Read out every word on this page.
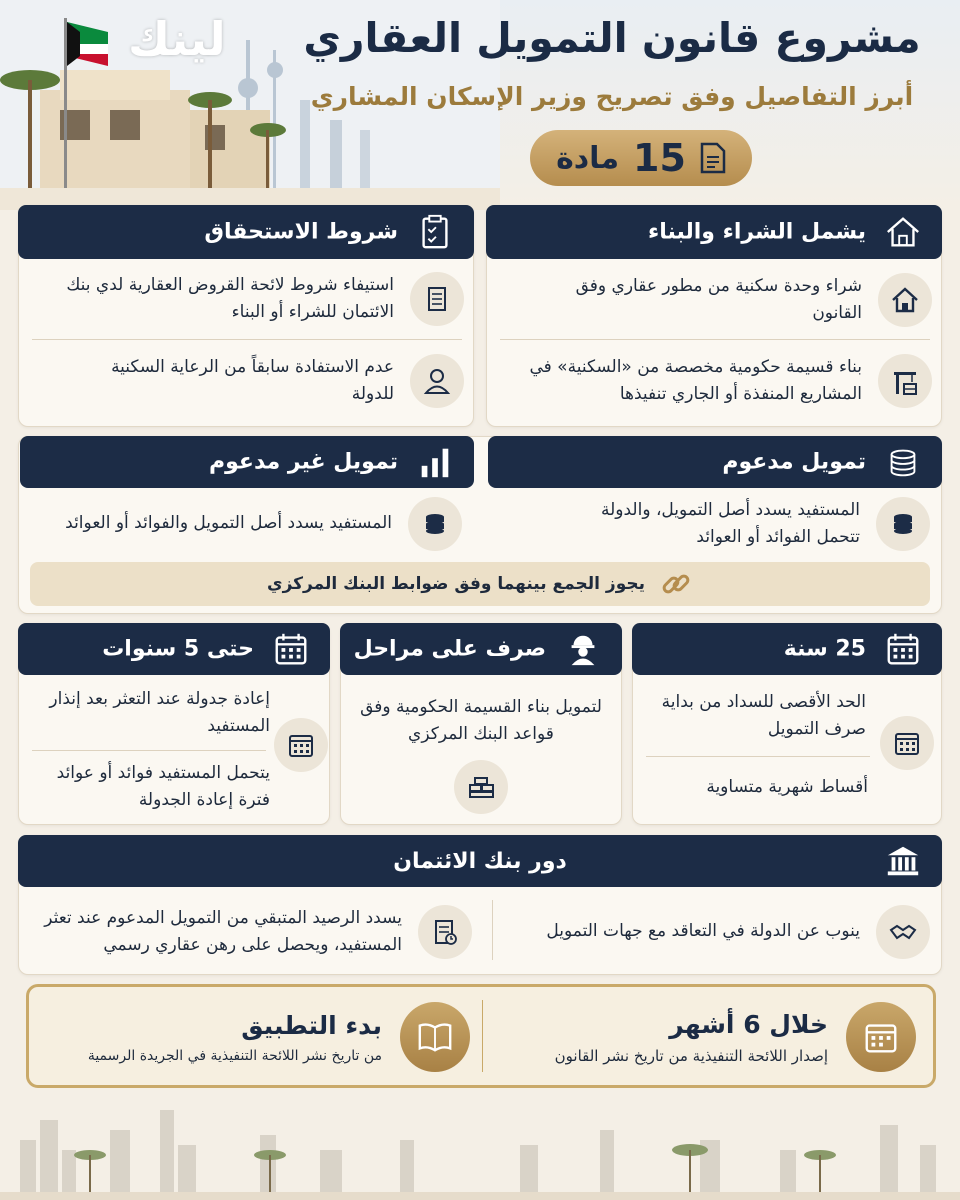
لينك مشروع قانون التمويل العقاري
أبرز التفاصيل وفق تصريح وزير الإسكان المشاري
15
مادة
يشمل الشراء والبناء
شراء وحدة سكنية من مطور عقاري وفق القانون
بناء قسيمة حكومية مخصصة من «السكنية» في المشاريع المنفذة أو الجاري تنفيذها
شروط الاستحقاق
استيفاء شروط لائحة القروض العقارية لدي بنك الائتمان للشراء أو البناء
عدم الاستفادة سابقاً من الرعاية السكنية للدولة
تمويل مدعوم
المستفيد يسدد أصل التمويل، والدولة تتحمل الفوائد أو العوائد
تمويل غير مدعوم
المستفيد يسدد أصل التمويل والفوائد أو العوائد
يجوز الجمع بينهما وفق ضوابط البنك المركزي
25 سنة
الحد الأقصى للسداد من بداية صرف التمويل
أقساط شهرية متساوية
صرف على مراحل
لتمويل بناء القسيمة الحكومية وفق قواعد البنك المركزي
حتى 5 سنوات
إعادة جدولة عند التعثر بعد إنذار المستفيد
يتحمل المستفيد فوائد أو عوائد فترة إعادة الجدولة
دور بنك الائتمان
ينوب عن الدولة في التعاقد مع جهات التمويل
يسدد الرصيد المتبقي من التمويل المدعوم عند تعثر المستفيد، ويحصل على رهن عقاري رسمي
خلال 6 أشهر
إصدار اللائحة التنفيذية من تاريخ نشر القانون
بدء التطبيق
من تاريخ نشر اللائحة التنفيذية في الجريدة الرسمية
